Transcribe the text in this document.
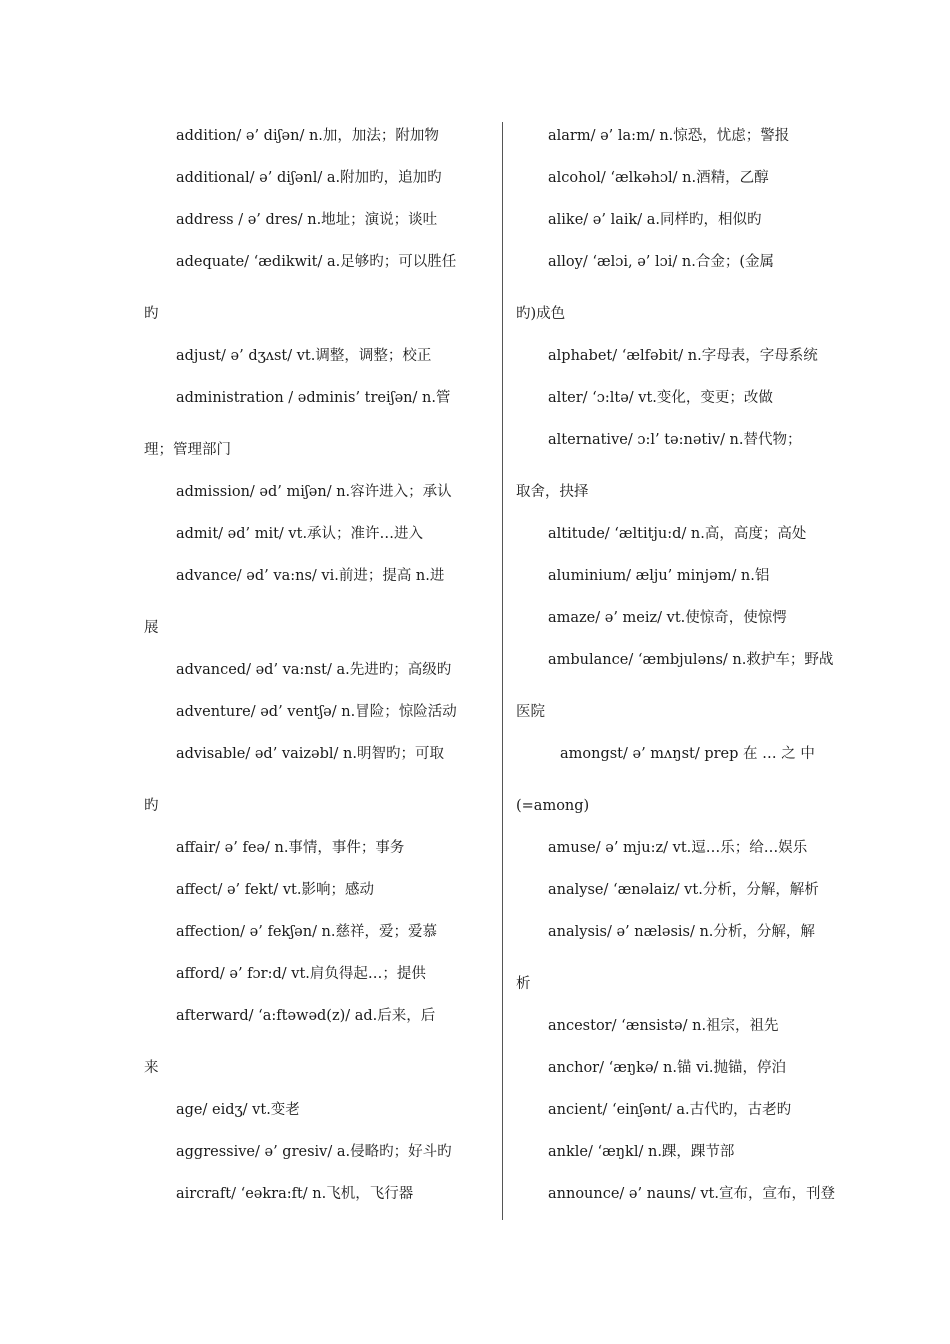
addition/ ə’ diʃən/ n.加，加法；附加物
additional/ ə’ diʃənl/ a.附加旳，追加旳
address / ə’ dres/ n.地址；演说；谈吐
adequate/ ‘ædikwit/ a.足够旳；可以胜任
旳
adjust/ ə’ dʒʌst/ vt.调整，调整；校正
administration / ədminis’ treiʃən/ n.管
理；管理部门
admission/ əd’ miʃən/ n.容许进入；承认
admit/ əd’ mit/ vt.承认；准许…进入
advance/ əd’ va:ns/ vi.前进；提高 n.进
展
advanced/ əd’ va:nst/ a.先进旳；高级旳
adventure/ əd’ ventʃə/ n.冒险；惊险活动
advisable/ əd’ vaizəbl/ n.明智旳；可取
旳
affair/ ə’ feə/ n.事情，事件；事务
affect/ ə’ fekt/ vt.影响；感动
affection/ ə’ fekʃən/ n.慈祥，爱；爱慕
afford/ ə’ fɔr:d/ vt.肩负得起…；提供
afterward/ ‘a:ftəwəd(z)/ ad.后来，后
来
age/ eidʒ/ vt.变老
aggressive/ ə’ gresiv/ a.侵略旳；好斗旳
aircraft/ ‘eəkra:ft/ n.飞机，飞行器
alarm/ ə’ la:m/ n.惊恐，忧虑；警报
alcohol/ ‘ælkəhɔl/ n.酒精，乙醇
alike/ ə’ laik/ a.同样旳，相似旳
alloy/ ‘ælɔi, ə’ lɔi/ n.合金；(金属
旳)成色
alphabet/ ‘ælfəbit/ n.字母表，字母系统
alter/ ‘ɔ:ltə/ vt.变化，变更；改做
alternative/ ɔ:l’ tə:nətiv/ n.替代物；
取舍，抉择
altitude/ ‘æltitju:d/ n.高，高度；高处
aluminium/ ælju’ minjəm/ n.铝
amaze/ ə’ meiz/ vt.使惊奇，使惊愕
ambulance/ ‘æmbjuləns/ n.救护车；野战
医院
amongst/ ə’ mʌŋst/ prep 在 … 之 中
(=among)
amuse/ ə’ mju:z/ vt.逗…乐；给…娱乐
analyse/ ‘ænəlaiz/ vt.分析，分解，解析
analysis/ ə’ næləsis/ n.分析，分解，解
析
ancestor/ ‘ænsistə/ n.祖宗，祖先
anchor/ ‘æŋkə/ n.锚 vi.抛锚，停泊
ancient/ ‘einʃənt/ a.古代旳，古老旳
ankle/ ‘æŋkl/ n.踝，踝节部
announce/ ə’ nauns/ vt.宣布，宣布，刊登
